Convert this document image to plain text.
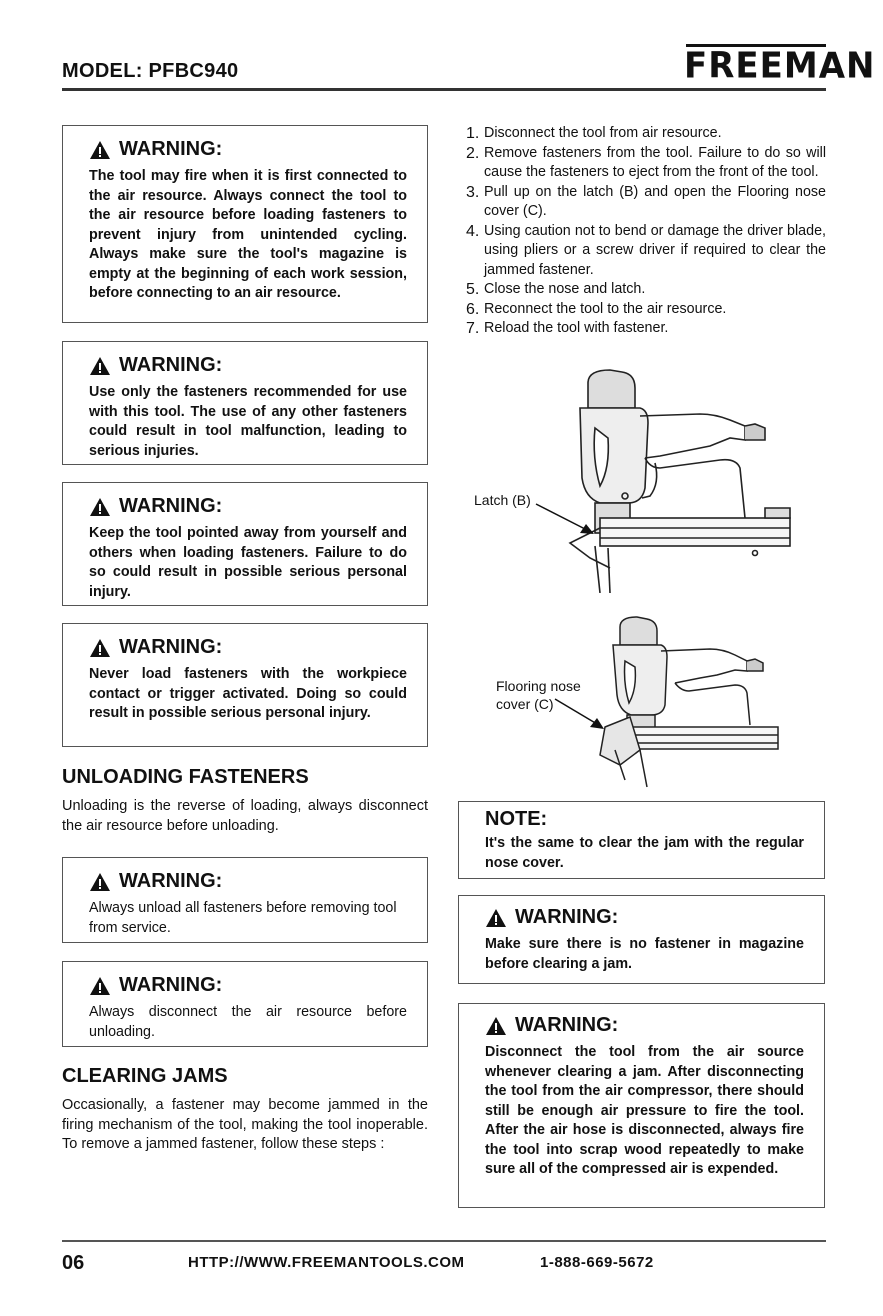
MODEL: PFBC940	FREEMAN
WARNING:
The tool may fire when it is first connected to the air resource. Always connect the tool to the air resource before loading fasteners to prevent injury from unintended cycling. Always make sure the tool's magazine is empty at the beginning of each work session, before connecting to an air resource.
WARNING:
Use only the fasteners recommended for use with this tool. The use of any other fasteners could result in tool malfunction, leading to serious injuries.
WARNING:
Keep the tool pointed away from yourself and others when loading fasteners. Failure to do so could result in possible serious personal injury.
WARNING:
Never load fasteners with the workpiece contact or trigger activated. Doing so could result in possible serious personal injury.
UNLOADING FASTENERS
Unloading is the reverse of loading, always disconnect the air resource before unloading.
WARNING:
Always unload all fasteners before removing tool from service.
WARNING:
Always disconnect the air resource before unloading.
CLEARING JAMS
Occasionally, a fastener may become jammed in the firing mechanism of the tool, making the tool inoperable. To remove a jammed fastener, follow these steps :
1. Disconnect the tool from air resource.
2. Remove fasteners from the tool. Failure to do so will cause the fasteners to eject from the front of the tool.
3. Pull up on the latch (B) and open the Flooring nose cover (C).
4. Using caution not to bend or damage the driver blade, using pliers or a screw driver if required to clear the jammed fastener.
5. Close the nose and latch.
6. Reconnect the tool to the air resource.
7. Reload the tool with fastener.
Latch (B)
Flooring nose
cover (C)
NOTE:
It's the same to clear the jam with the regular nose cover.
WARNING:
Make sure there is no fastener in magazine before clearing a jam.
WARNING:
Disconnect the tool from the air source whenever clearing a jam. After disconnecting the tool from the air compressor, there should still be enough air pressure to fire the tool. After the air hose is disconnected, always fire the tool into scrap wood repeatedly to make sure all of the compressed air is expended.
06	HTTP://WWW.FREEMANTOOLS.COM	1-888-669-5672
